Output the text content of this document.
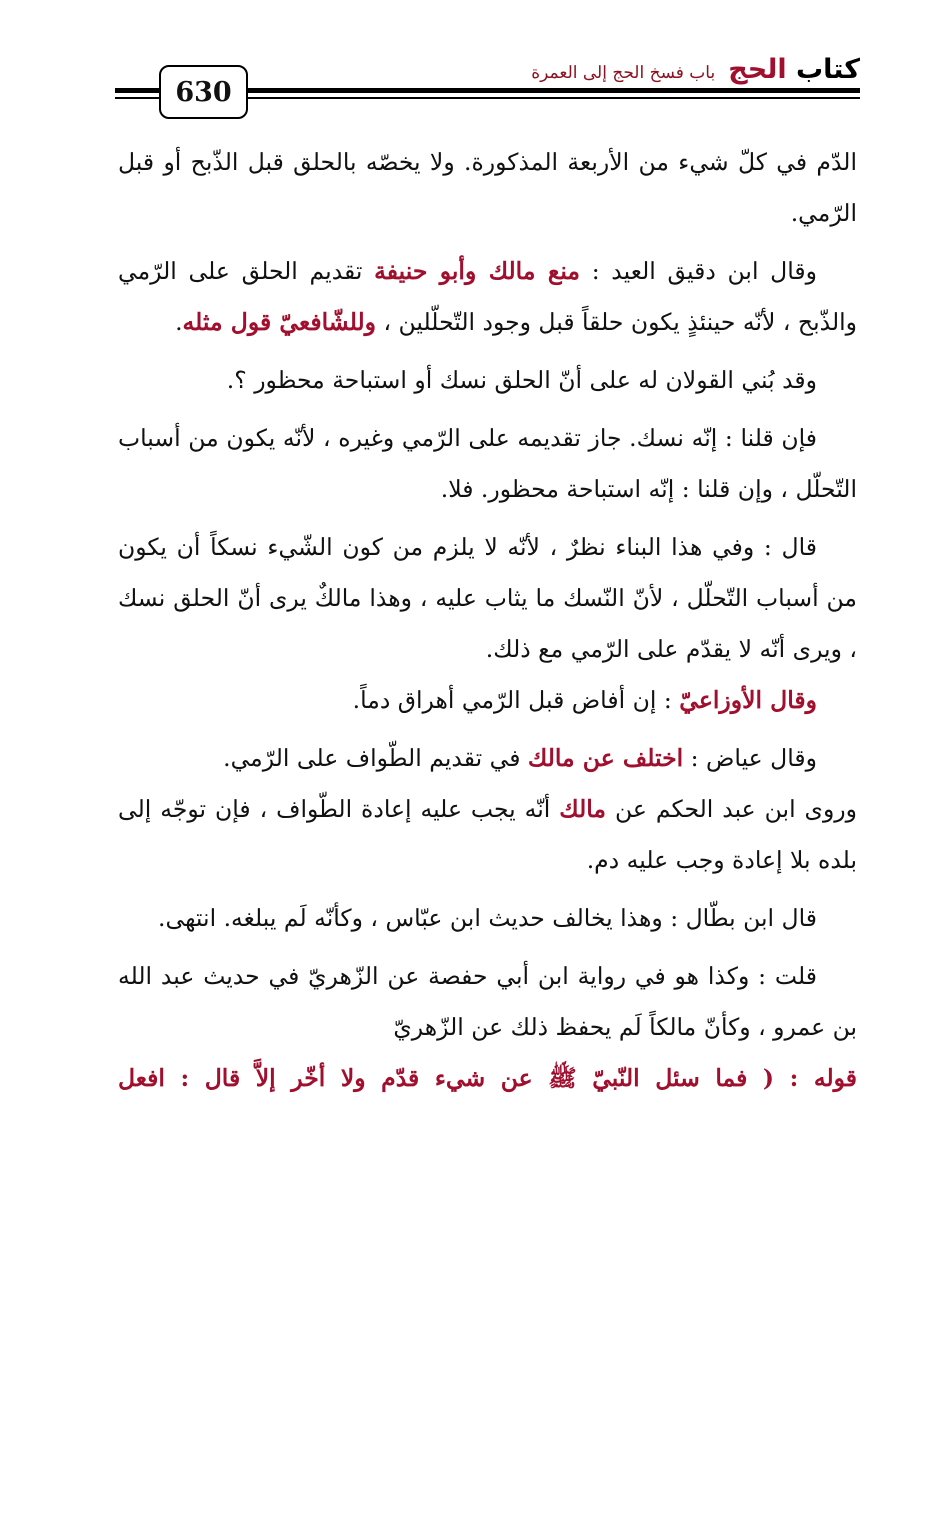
كتاب الحج باب فسخ الحج إلى العمرة
630

الدّم في كلّ شيء من الأربعة المذكورة. ولا يخصّه بالحلق قبل الذّبح أو قبل الرّمي.

وقال ابن دقيق العيد : منع مالك وأبو حنيفة تقديم الحلق على الرّمي والذّبح ، لأنّه حينئذٍ يكون حلقاً قبل وجود التّحلّلين ، وللشّافعيّ قول مثله.

وقد بُني القولان له على أنّ الحلق نسك أو استباحة محظور ؟.

فإن قلنا : إنّه نسك. جاز تقديمه على الرّمي وغيره ، لأنّه يكون من أسباب التّحلّل ، وإن قلنا : إنّه استباحة محظور. فلا.

قال : وفي هذا البناء نظرٌ ، لأنّه لا يلزم من كون الشّيء نسكاً أن يكون من أسباب التّحلّل ، لأنّ النّسك ما يثاب عليه ، وهذا مالكٌ يرى أنّ الحلق نسك ، ويرى أنّه لا يقدّم على الرّمي مع ذلك.

وقال الأوزاعيّ : إن أفاض قبل الرّمي أهراق دماً.

وقال عياض : اختلف عن مالك في تقديم الطّواف على الرّمي.

وروى ابن عبد الحكم عن مالك أنّه يجب عليه إعادة الطّواف ، فإن توجّه إلى بلده بلا إعادة وجب عليه دم.

قال ابن بطّال : وهذا يخالف حديث ابن عبّاس ، وكأنّه لَم يبلغه. انتهى.

قلت : وكذا هو في رواية ابن أبي حفصة عن الزّهريّ في حديث عبد الله بن عمرو ، وكأنّ مالكاً لَم يحفظ ذلك عن الزّهريّ

قوله : ( فما سئل النّبيّ ﷺ عن شيء قدّم ولا أخّر إلاَّ قال : افعل
